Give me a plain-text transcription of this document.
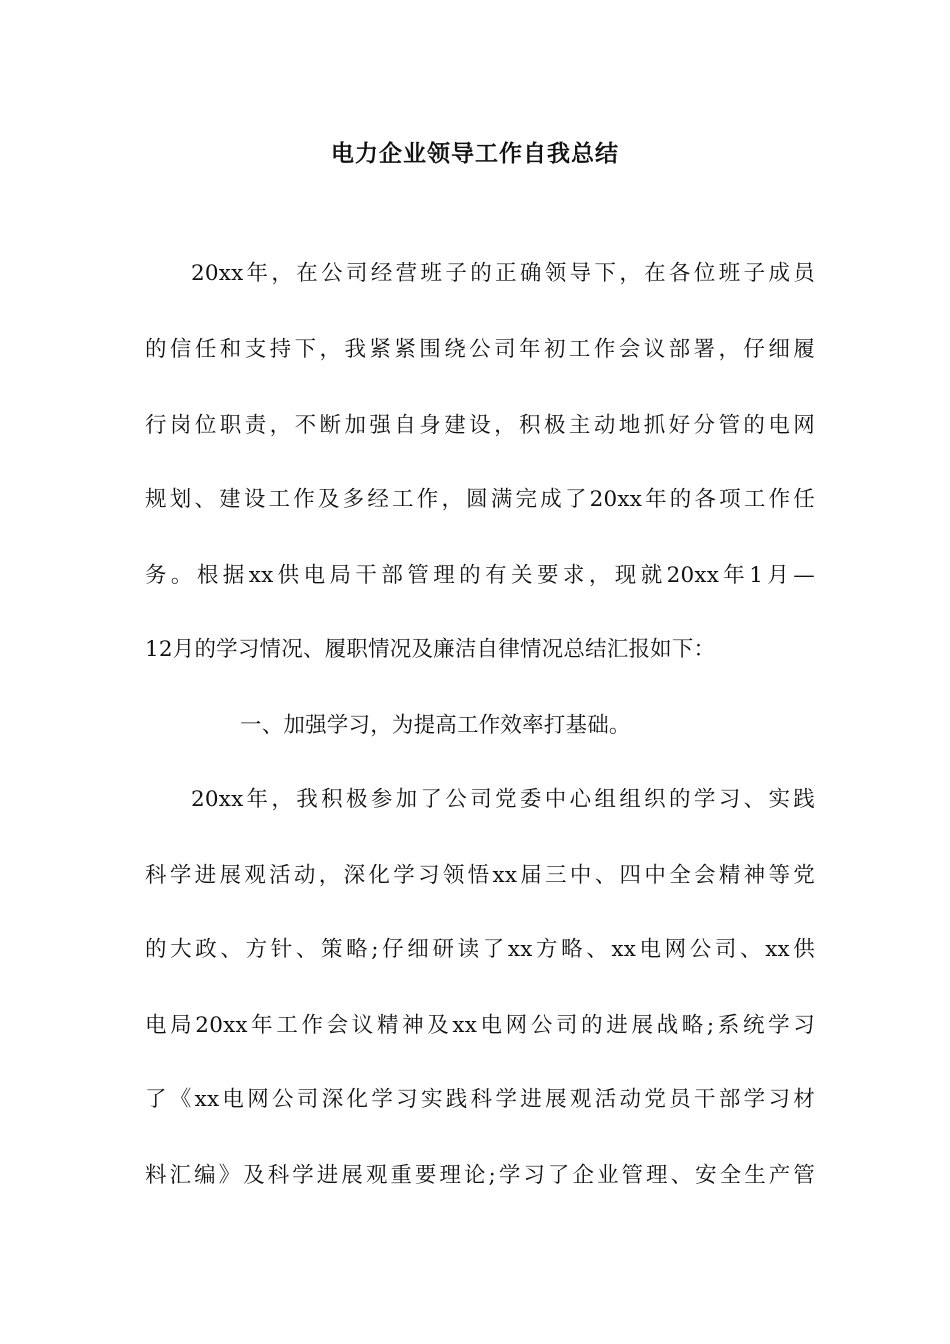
电力企业领导工作自我总结
20xx年，在公司经营班子的正确领导下，在各位班子成员
的信任和支持下，我紧紧围绕公司年初工作会议部署，仔细履
行岗位职责，不断加强自身建设，积极主动地抓好分管的电网
规划、建设工作及多经工作，圆满完成了20xx年的各项工作任
务。根据xx供电局干部管理的有关要求，现就20xx年1月—
12月的学习情况、履职情况及廉洁自律情况总结汇报如下：
一、加强学习，为提高工作效率打基础。
20xx年，我积极参加了公司党委中心组组织的学习、实践
科学进展观活动，深化学习领悟xx届三中、四中全会精神等党
的大政、方针、策略;仔细研读了xx方略、xx电网公司、xx供
电局20xx年工作会议精神及xx电网公司的进展战略;系统学习
了《xx电网公司深化学习实践科学进展观活动党员干部学习材
料汇编》及科学进展观重要理论;学习了企业管理、安全生产管
